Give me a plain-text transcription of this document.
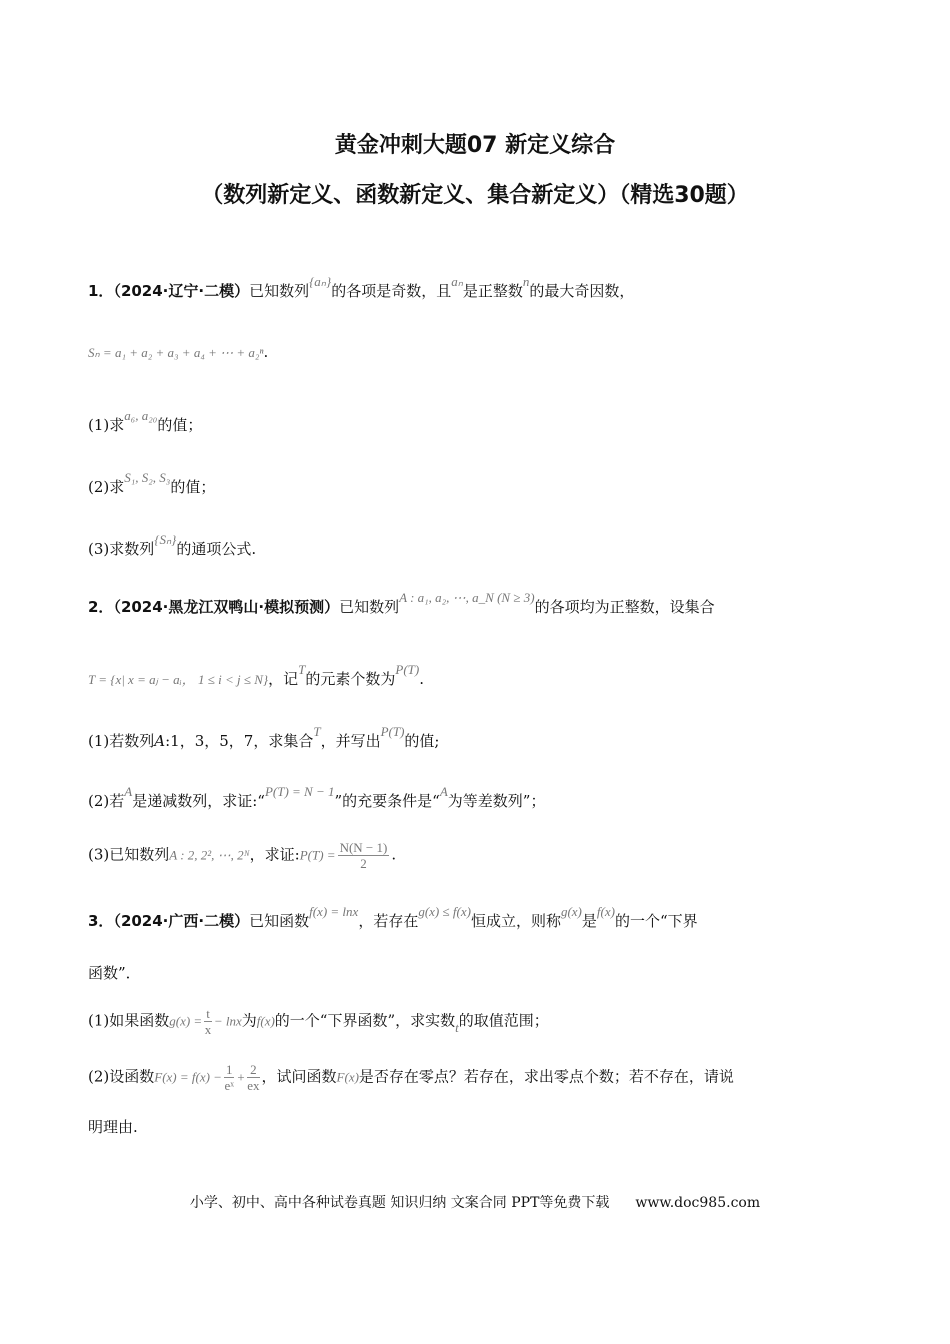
黄金冲刺大题07 新定义综合
（数列新定义、函数新定义、集合新定义）（精选30题）
1．（2024·辽宁·二模）已知数列{aₙ}的各项是奇数，且aₙ是正整数n的最大奇因数，
Sₙ = a₁ + a₂ + a₃ + a₄ + ⋯ + a₂ⁿ.
(1)求a₆, a₂₀的值；
(2)求S₁, S₂, S₃的值；
(3)求数列{Sₙ}的通项公式.
2．（2024·黑龙江双鸭山·模拟预测）已知数列A : a₁, a₂, ⋯, a_N (N ≥ 3)的各项均为正整数，设集合
T = {x| x = aⱼ − aᵢ， 1 ≤ i < j ≤ N}，记T的元素个数为P(T).
(1)若数列A:1，3，5，7，求集合T，并写出P(T)的值;
(2)若A是递减数列，求证:“P(T) = N − 1”的充要条件是“A为等差数列”；
(3)已知数列A : 2, 2², ⋯, 2ᴺ，求证:P(T) = $\frac{N(N - 1)}{2}$ .
3．（2024·广西·二模）已知函数f(x) = lnx，若存在g(x) ≤ f(x)恒成立，则称g(x)是f(x)的一个“下界
函数”．
(1)如果函数$g(x) = \frac{t}{x} - \ln x$为f(x)的一个“下界函数”，求实数t的取值范围；
(2)设函数$F(x) = f(x) - \frac{1}{\text{eˣ}} + \frac{2}{ex}$ ，试问函数F(x)是否存在零点？若存在，求出零点个数；若不存在，请说
明理由.
小学、初中、高中各种试卷真题 知识归纳 文案合同 PPT等免费下载 www.doc985.com
